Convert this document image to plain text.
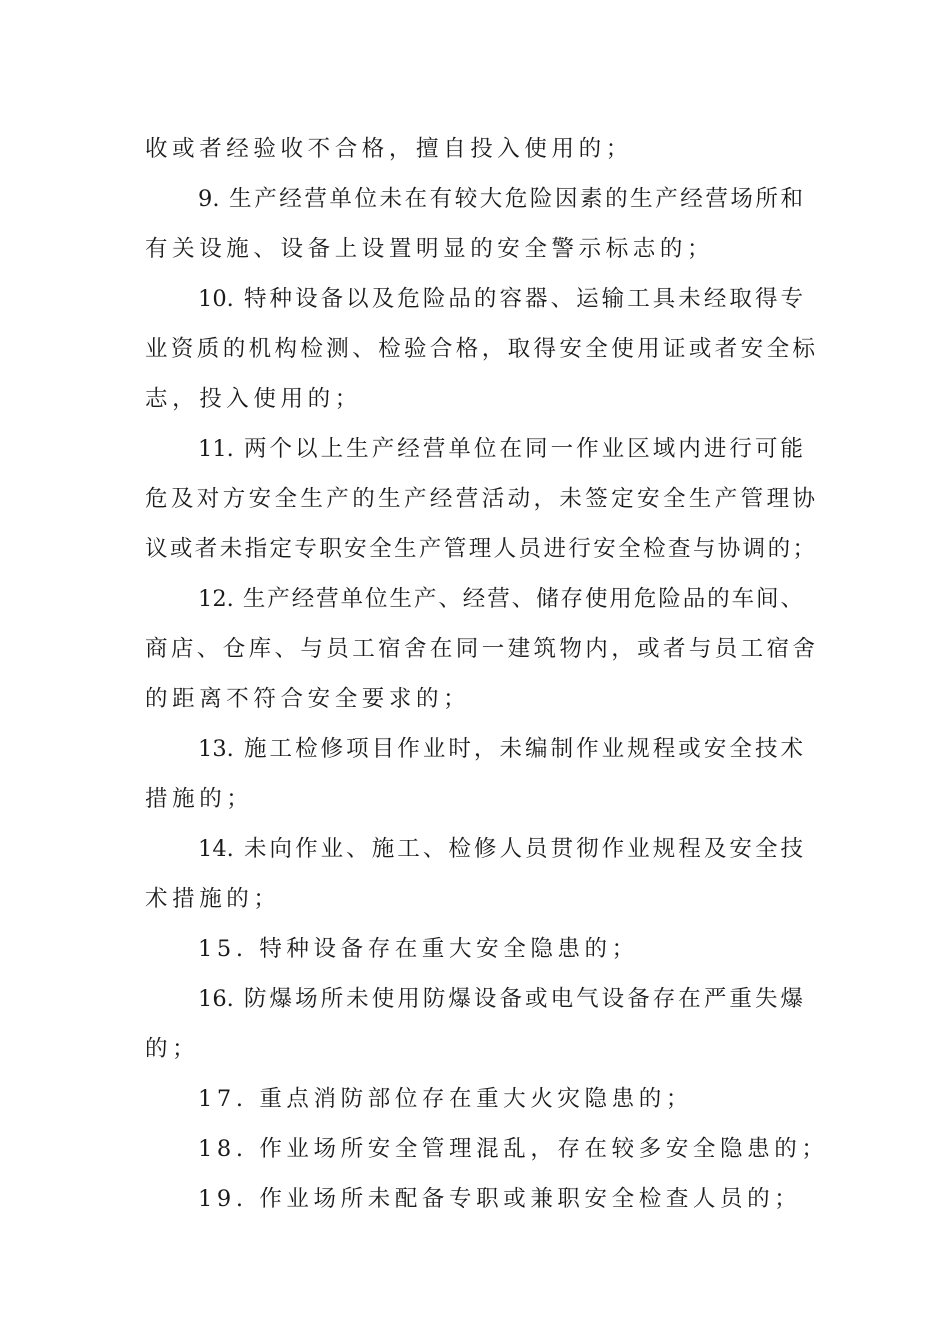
收或者经验收不合格，擅自投入使用的；
9. 生产经营单位未在有较大危险因素的生产经营场所和
有关设施、设备上设置明显的安全警示标志的；
10. 特种设备以及危险品的容器、运输工具未经取得专
业资质的机构检测、检验合格，取得安全使用证或者安全标
志，投入使用的；
11. 两个以上生产经营单位在同一作业区域内进行可能
危及对方安全生产的生产经营活动，未签定安全生产管理协
议或者未指定专职安全生产管理人员进行安全检查与协调的；
12. 生产经营单位生产、经营、储存使用危险品的车间、
商店、仓库、与员工宿舍在同一建筑物内，或者与员工宿舍
的距离不符合安全要求的；
13. 施工检修项目作业时，未编制作业规程或安全技术
措施的；
14. 未向作业、施工、检修人员贯彻作业规程及安全技
术措施的；
15. 特种设备存在重大安全隐患的；
16. 防爆场所未使用防爆设备或电气设备存在严重失爆
的；
17. 重点消防部位存在重大火灾隐患的；
18. 作业场所安全管理混乱，存在较多安全隐患的；
19. 作业场所未配备专职或兼职安全检查人员的；
